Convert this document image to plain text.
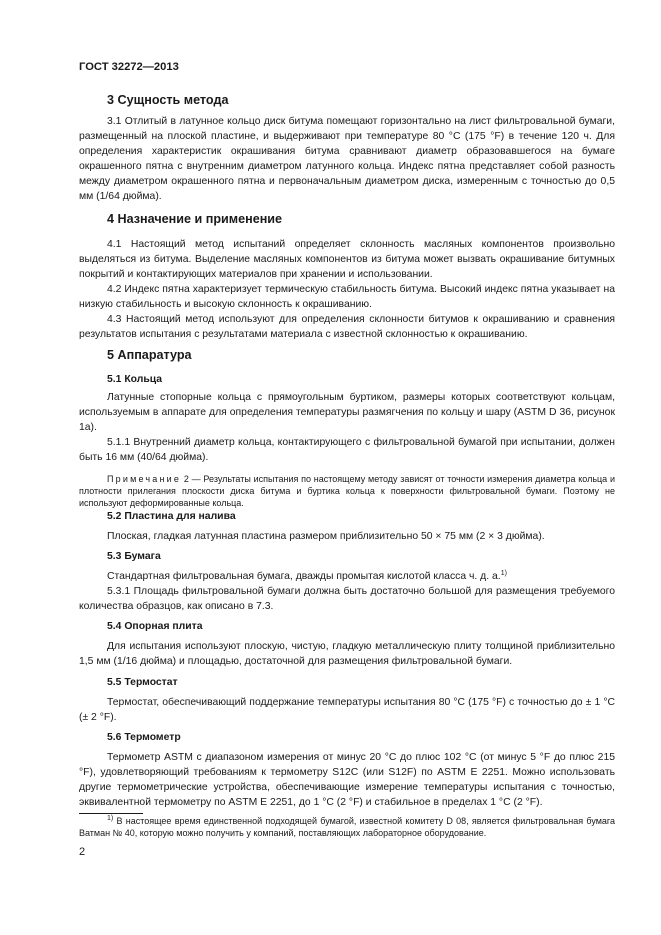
ГОСТ 32272—2013
3 Сущность метода

3.1 Отлитый в латунное кольцо диск битума помещают горизонтально на лист фильтровальной бумаги, размещенный на плоской пластине, и выдерживают при температуре 80 °С (175 °F) в течение 120 ч. Для определения характеристик окрашивания битума сравнивают диаметр образовавшегося на бумаге окрашенного пятна с внутренним диаметром латунного кольца. Индекс пятна представляет собой разность между диаметром окрашенного пятна и первоначальным диаметром диска, измеренным с точностью до 0,5 мм (1/64 дюйма).

4 Назначение и применение

4.1 Настоящий метод испытаний определяет склонность масляных компонентов произвольно выделяться из битума. Выделение масляных компонентов из битума может вызвать окрашивание битумных покрытий и контактирующих материалов при хранении и использовании.

4.2 Индекс пятна характеризует термическую стабильность битума. Высокий индекс пятна указывает на низкую стабильность и высокую склонность к окрашиванию.

4.3 Настоящий метод используют для определения склонности битумов к окрашиванию и сравнения результатов испытания с результатами материала с известной склонностью к окрашиванию.

5 Аппаратура
5.1 Кольца

Латунные стопорные кольца с прямоугольным буртиком, размеры которых соответствуют кольцам, используемым в аппарате для определения температуры размягчения по кольцу и шару (ASTM D 36, рисунок 1а).

5.1.1 Внутренний диаметр кольца, контактирующего с фильтровальной бумагой при испытании, должен быть 16 мм (40/64 дюйма).

Примечание 2 — Результаты испытания по настоящему методу зависят от точности измерения диаметра кольца и плотности прилегания плоскости диска битума и буртика кольца к поверхности фильтровальной бумаги. Поэтому не используют деформированные кольца.

5.2 Пластина для налива

Плоская, гладкая латунная пластина размером приблизительно 50 × 75 мм (2 × 3 дюйма).

5.3 Бумага

Стандартная фильтровальная бумага, дважды промытая кислотой класса ч. д. а.$^{1)}$

5.3.1 Площадь фильтровальной бумаги должна быть достаточно большой для размещения требуемого количества образцов, как описано в 7.3.

5.4 Опорная плита

Для испытания используют плоскую, чистую, гладкую металлическую плиту толщиной приблизительно 1,5 мм (1/16 дюйма) и площадью, достаточной для размещения фильтровальной бумаги.

5.5 Термостат

Термостат, обеспечивающий поддержание температуры испытания 80 °С (175 °F) с точностью до ± 1 °С (± 2 °F).

5.6 Термометр

Термометр ASTM с диапазоном измерения от минус 20 °С до плюс 102 °С (от минус 5 °F до плюс 215 °F), удовлетворяющий требованиям к термометру S12C (или S12F) по ASTM E 2251. Можно использовать другие термометрические устройства, обеспечивающие измерение температуры испытания с точностью, эквивалентной термометру по ASTM E 2251, до 1 °С (2 °F) и стабильное в пределах 1 °С (2 °F).

$^{1)}$ В настоящее время единственной подходящей бумагой, известной комитету D 08, является фильтровальная бумага Ватман № 40, которую можно получить у компаний, поставляющих лабораторное оборудование.

2
